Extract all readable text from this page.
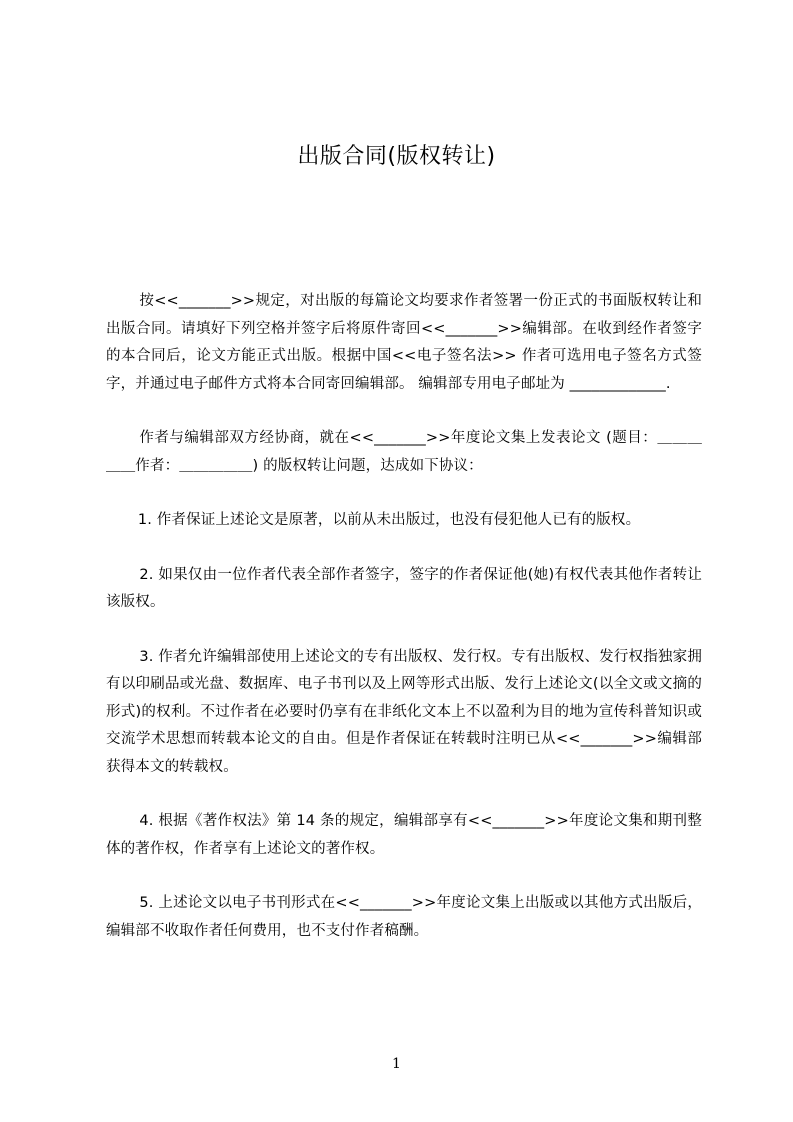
出版合同(版权转让)

按<<_______>>规定，对出版的每篇论文均要求作者签署一份正式的书面版权转让和出版合同。请填好下列空格并签字后将原件寄回<<_______>>编辑部。在收到经作者签字的本合同后，论文方能正式出版。根据中国<<电子签名法>> 作者可选用电子签名方式签字，并通过电子邮件方式将本合同寄回编辑部。 编辑部专用电子邮址为 _____________.

作者与编辑部双方经协商，就在<<_______>>年度论文集上发表论文 (题目：＿＿＿＿＿作者：＿＿＿＿＿) 的版权转让问题，达成如下协议：

1. 作者保证上述论文是原著，以前从未出版过，也没有侵犯他人已有的版权。

2. 如果仅由一位作者代表全部作者签字，签字的作者保证他(她)有权代表其他作者转让该版权。

3. 作者允许编辑部使用上述论文的专有出版权、发行权。专有出版权、发行权指独家拥有以印刷品或光盘、数据库、电子书刊以及上网等形式出版、发行上述论文(以全文或文摘的形式)的权利。不过作者在必要时仍享有在非纸化文本上不以盈利为目的地为宣传科普知识或交流学术思想而转载本论文的自由。但是作者保证在转载时注明已从<<_______>>编辑部获得本文的转载权。

4. 根据《著作权法》第 14 条的规定，编辑部享有<<_______>>年度论文集和期刊整体的著作权，作者享有上述论文的著作权。

5. 上述论文以电子书刊形式在<<_______>>年度论文集上出版或以其他方式出版后，编辑部不收取作者任何费用，也不支付作者稿酬。

1
